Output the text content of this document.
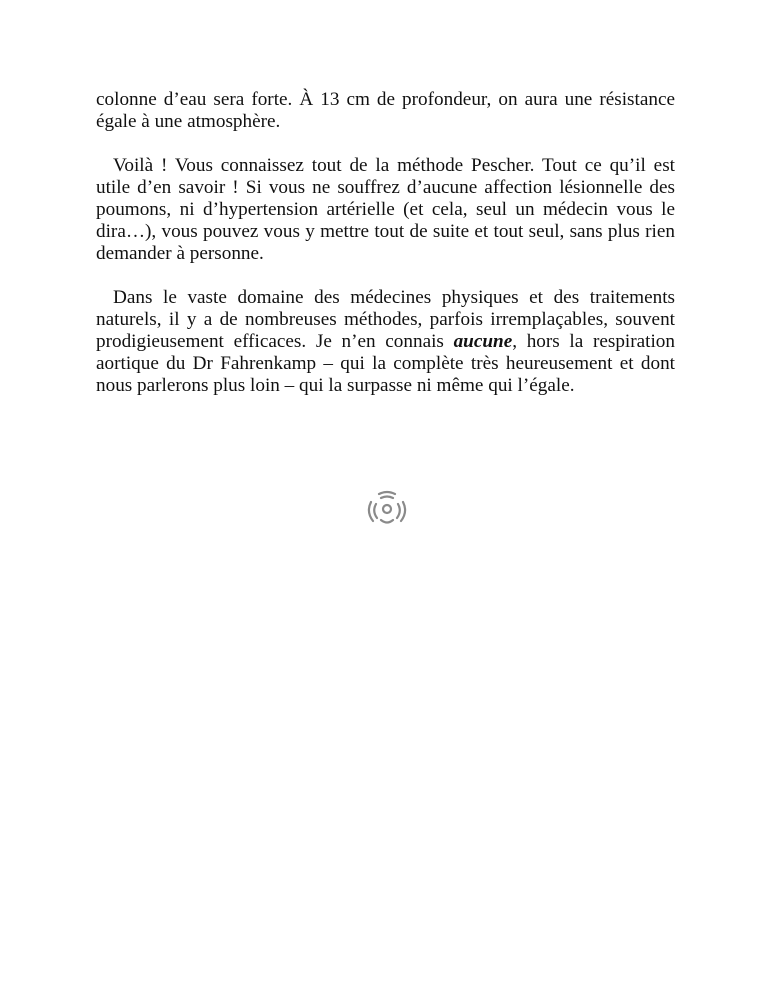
colonne d’eau sera forte. À 13 cm de profondeur, on aura une résistance égale à une atmosphère.

Voilà ! Vous connaissez tout de la méthode Pescher. Tout ce qu’il est utile d’en savoir ! Si vous ne souffrez d’aucune affection lésionnelle des poumons, ni d’hypertension artérielle (et cela, seul un médecin vous le dira…), vous pouvez vous y mettre tout de suite et tout seul, sans plus rien demander à personne.

Dans le vaste domaine des médecines physiques et des traitements naturels, il y a de nombreuses méthodes, parfois irremplaçables, souvent prodigieusement efficaces. Je n’en connais aucune, hors la respiration aortique du Dr Fahrenkamp – qui la complète très heureusement et dont nous parlerons plus loin – qui la surpasse ni même qui l’égale.
